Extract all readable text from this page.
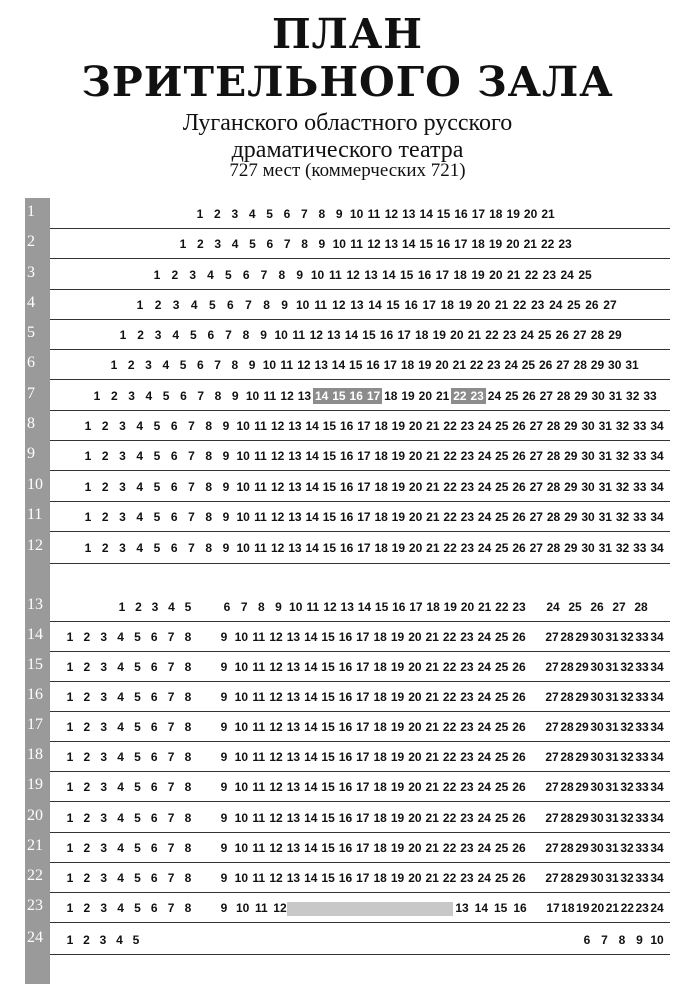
ПЛАН
ЗРИТЕЛЬНОГО ЗАЛА

Луганского областного русского

драматического театра

727 мест (коммерческих 721)

1	1 2 3 4 5 6 7 8 9 10 11 12 13 14 15 16 17 18 19 20 21
2	1 2 3 4 5 6 7 8 9 10 11 12 13 14 15 16 17 18 19 20 21 22 23
3	1 2 3 4 5 6 7 8 9 10 11 12 13 14 15 16 17 18 19 20 21 22 23 24 25
4	1 2 3 4 5 6 7 8 9 10 11 12 13 14 15 16 17 18 19 20 21 22 23 24 25 26 27
5	1 2 3 4 5 6 7 8 9 10 11 12 13 14 15 16 17 18 19 20 21 22 23 24 25 26 27 28 29
6	1 2 3 4 5 6 7 8 9 10 11 12 13 14 15 16 17 18 19 20 21 22 23 24 25 26 27 28 29 30 31
7	1 2 3 4 5 6 7 8 9 10 11 12 13 14 15 16 17 18 19 20 21 22 23 24 25 26 27 28 29 30 31 32 33
8	1 2 3 4 5 6 7 8 9 10 11 12 13 14 15 16 17 18 19 20 21 22 23 24 25 26 27 28 29 30 31 32 33 34
9	1 2 3 4 5 6 7 8 9 10 11 12 13 14 15 16 17 18 19 20 21 22 23 24 25 26 27 28 29 30 31 32 33 34
10	1 2 3 4 5 6 7 8 9 10 11 12 13 14 15 16 17 18 19 20 21 22 23 24 25 26 27 28 29 30 31 32 33 34
11	1 2 3 4 5 6 7 8 9 10 11 12 13 14 15 16 17 18 19 20 21 22 23 24 25 26 27 28 29 30 31 32 33 34
12	1 2 3 4 5 6 7 8 9 10 11 12 13 14 15 16 17 18 19 20 21 22 23 24 25 26 27 28 29 30 31 32 33 34
13	1 2 3 4 5	6 7 8 9 10 11 12 13 14 15 16 17 18 19 20 21 22 23	24 25 26 27 28
14	1 2 3 4 5 6 7 8	9 10 11 12 13 14 15 16 17 18 19 20 21 22 23 24 25 26 27 28 29 30 31 32 33 34
15	1 2 3 4 5 6 7 8	9 10 11 12 13 14 15 16 17 18 19 20 21 22 23 24 25 26 27 28 29 30 31 32 33 34
16	1 2 3 4 5 6 7 8	9 10 11 12 13 14 15 16 17 18 19 20 21 22 23 24 25 26 27 28 29 30 31 32 33 34
17	1 2 3 4 5 6 7 8	9 10 11 12 13 14 15 16 17 18 19 20 21 22 23 24 25 26 27 28 29 30 31 32 33 34
18	1 2 3 4 5 6 7 8	9 10 11 12 13 14 15 16 17 18 19 20 21 22 23 24 25 26 27 28 29 30 31 32 33 34
19	1 2 3 4 5 6 7 8	9 10 11 12 13 14 15 16 17 18 19 20 21 22 23 24 25 26 27 28 29 30 31 32 33 34
20	1 2 3 4 5 6 7 8	9 10 11 12 13 14 15 16 17 18 19 20 21 22 23 24 25 26 27 28 29 30 31 32 33 34
21	1 2 3 4 5 6 7 8	9 10 11 12 13 14 15 16 17 18 19 20 21 22 23 24 25 26 27 28 29 30 31 32 33 34
22	1 2 3 4 5 6 7 8	9 10 11 12 13 14 15 16 17 18 19 20 21 22 23 24 25 26 27 28 29 30 31 32 33 34
23	1 2 3 4 5 6 7 8	9 10 11 12	13 14 15 16 17 18 19 20 21 22 23 24
24	1 2 3 4 5	6 7 8 9 10
